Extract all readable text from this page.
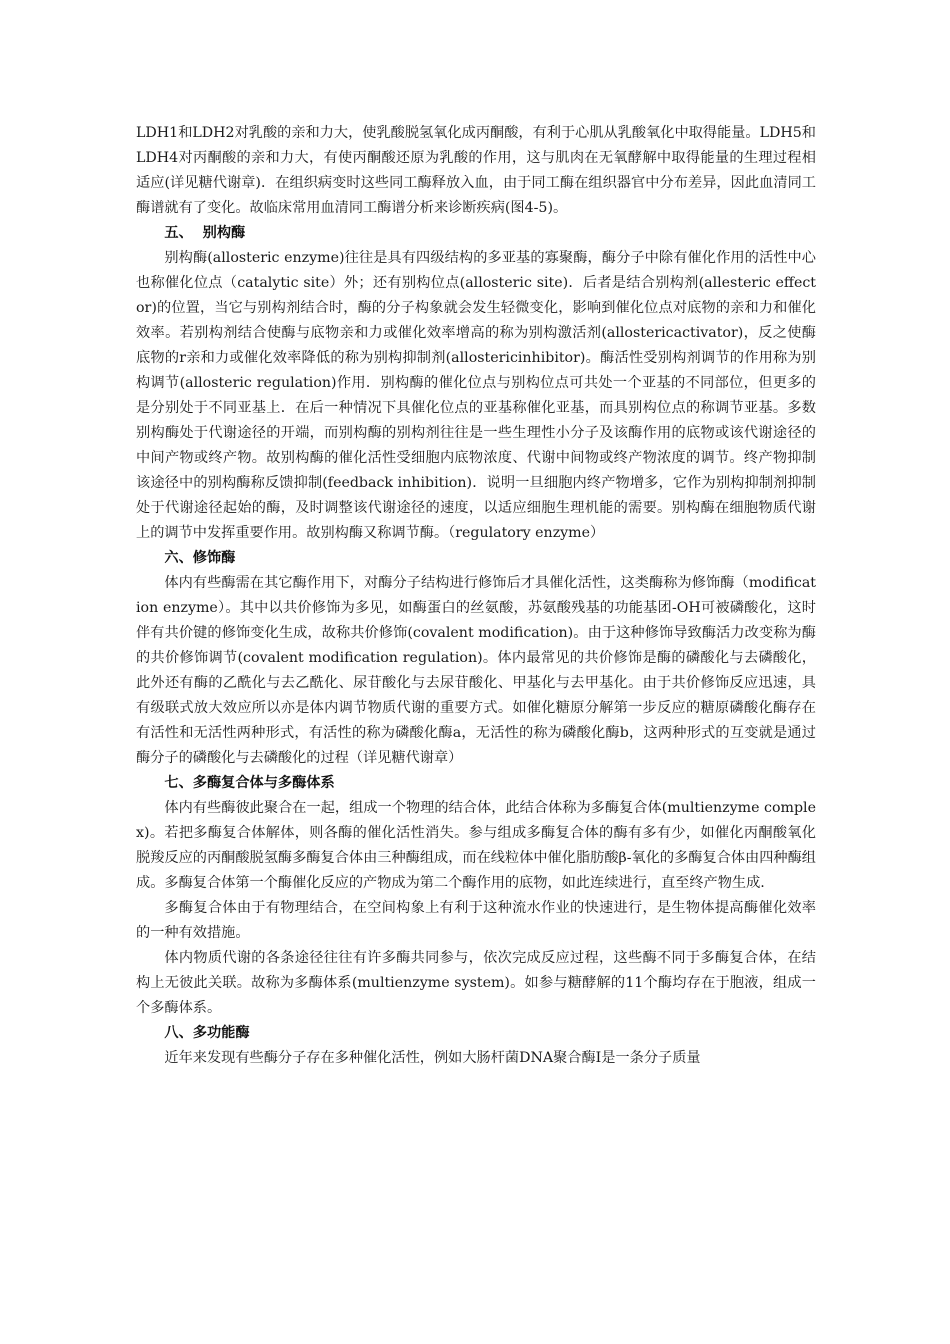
LDH1和LDH2对乳酸的亲和力大，使乳酸脱氢氧化成丙酮酸，有利于心肌从乳酸氧化中取得能量。LDH5和LDH4对丙酮酸的亲和力大，有使丙酮酸还原为乳酸的作用，这与肌肉在无氧酵解中取得能量的生理过程相适应(详见糖代谢章)．在组织病变时这些同工酶释放入血，由于同工酶在组织器官中分布差异，因此血清同工酶谱就有了变化。故临床常用血清同工酶谱分析来诊断疾病(图4-5)。

五、  别构酶

别构酶(allosteric enzyme)往往是具有四级结构的多亚基的寡聚酶，酶分子中除有催化作用的活性中心也称催化位点（catalytic site）外；还有别构位点(allosteric site)．后者是结合别构剂(allesteric effector)的位置，当它与别构剂结合时，酶的分子构象就会发生轻微变化，影响到催化位点对底物的亲和力和催化效率。若别构剂结合使酶与底物亲和力或催化效率增高的称为别构激活剂(allostericactivator)，反之使酶底物的r亲和力或催化效率降低的称为别构抑制剂(allostericinhibitor)。酶活性受别构剂调节的作用称为别构调节(allosteric regulation)作用．别构酶的催化位点与别构位点可共处一个亚基的不同部位，但更多的是分别处于不同亚基上．在后一种情况下具催化位点的亚基称催化亚基，而具别构位点的称调节亚基。多数别构酶处于代谢途径的开端，而别构酶的别构剂往往是一些生理性小分子及该酶作用的底物或该代谢途径的中间产物或终产物。故别构酶的催化活性受细胞内底物浓度、代谢中间物或终产物浓度的调节。终产物抑制该途径中的别构酶称反馈抑制(feedback inhibition)．说明一旦细胞内终产物增多，它作为别构抑制剂抑制处于代谢途径起始的酶，及时调整该代谢途径的速度，以适应细胞生理机能的需要。别构酶在细胞物质代谢上的调节中发挥重要作用。故别构酶又称调节酶。（regulatory enzyme）

六、修饰酶

体内有些酶需在其它酶作用下，对酶分子结构进行修饰后才具催化活性，这类酶称为修饰酶（modification enzyme）。其中以共价修饰为多见，如酶蛋白的丝氨酸，苏氨酸残基的功能基团-OH可被磷酸化，这时伴有共价键的修饰变化生成，故称共价修饰(covalent modification)。由于这种修饰导致酶活力改变称为酶的共价修饰调节(covalent modification regulation)。体内最常见的共价修饰是酶的磷酸化与去磷酸化，此外还有酶的乙酰化与去乙酰化、尿苷酸化与去尿苷酸化、甲基化与去甲基化。由于共价修饰反应迅速，具有级联式放大效应所以亦是体内调节物质代谢的重要方式。如催化糖原分解第一步反应的糖原磷酸化酶存在有活性和无活性两种形式，有活性的称为磷酸化酶a，无活性的称为磷酸化酶b，这两种形式的互变就是通过酶分子的磷酸化与去磷酸化的过程（详见糖代谢章）

七、多酶复合体与多酶体系

体内有些酶彼此聚合在一起，组成一个物理的结合体，此结合体称为多酶复合体(multienzyme complex)。若把多酶复合体解体，则各酶的催化活性消失。参与组成多酶复合体的酶有多有少，如催化丙酮酸氧化脱羧反应的丙酮酸脱氢酶多酶复合体由三种酶组成，而在线粒体中催化脂肪酸β-氧化的多酶复合体由四种酶组成。多酶复合体第一个酶催化反应的产物成为第二个酶作用的底物，如此连续进行，直至终产物生成.

多酶复合体由于有物理结合，在空间构象上有利于这种流水作业的快速进行，是生物体提高酶催化效率的一种有效措施。

体内物质代谢的各条途径往往有许多酶共同参与，依次完成反应过程，这些酶不同于多酶复合体，在结构上无彼此关联。故称为多酶体系(multienzyme system)。如参与糖酵解的11个酶均存在于胞液，组成一个多酶体系。

八、多功能酶

近年来发现有些酶分子存在多种催化活性，例如大肠杆菌DNA聚合酶Ⅰ是一条分子质量
